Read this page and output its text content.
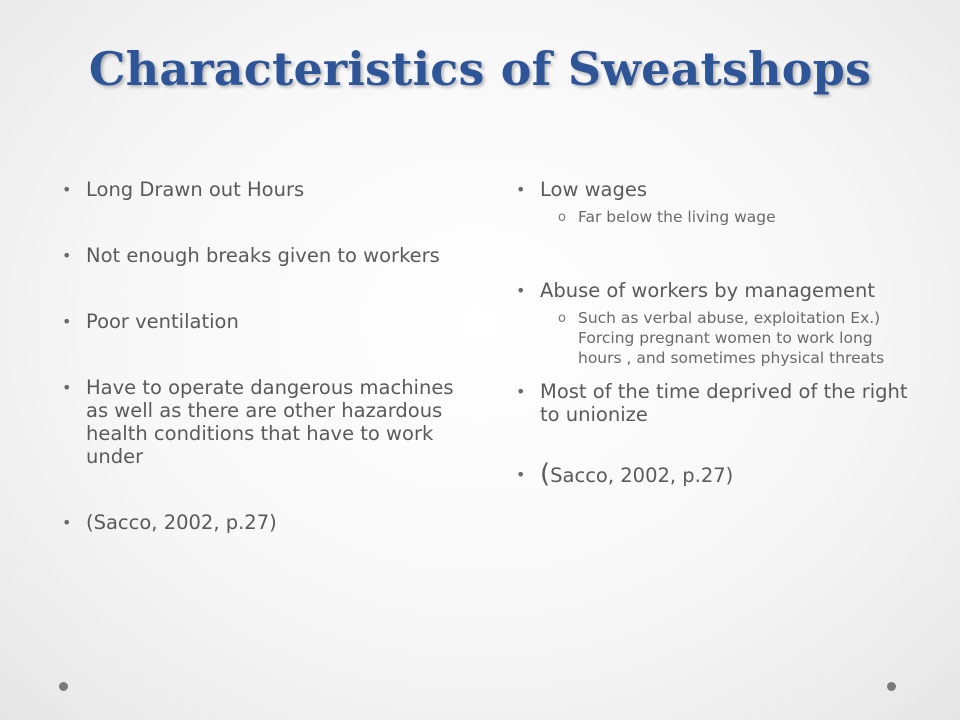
Characteristics of Sweatshops
• Long Drawn out Hours
• Not enough breaks given to workers
• Poor ventilation
• Have to operate dangerous machines as well as there are other hazardous health conditions that have to work under
• (Sacco, 2002, p.27)
• Low wages
o Far below the living wage
• Abuse of workers by management
o Such as verbal abuse, exploitation Ex.) Forcing pregnant women to work long hours , and sometimes physical threats
• Most of the time deprived of the right to unionize
• (Sacco, 2002, p.27)
